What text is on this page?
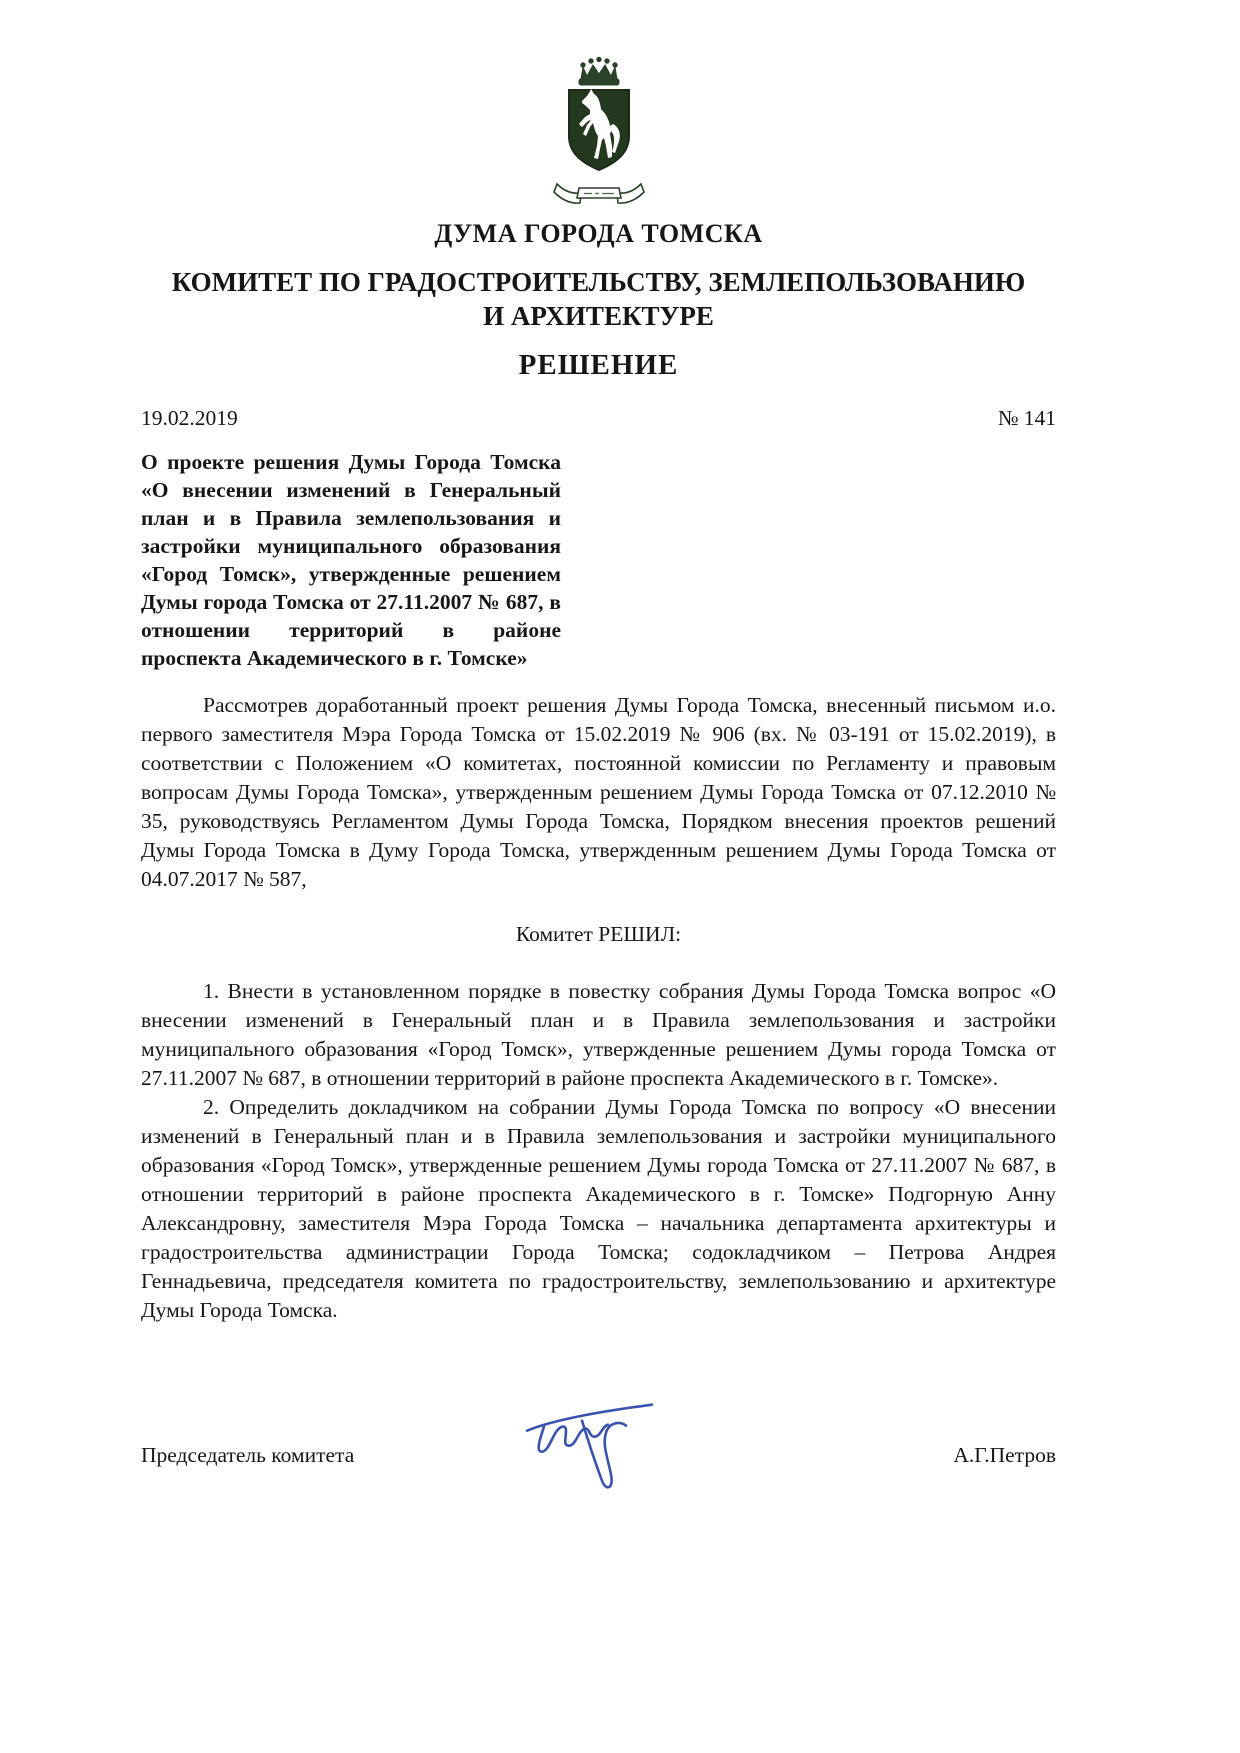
ДУМА ГОРОДА ТОМСКА
КОМИТЕТ ПО ГРАДОСТРОИТЕЛЬСТВУ, ЗЕМЛЕПОЛЬЗОВАНИЮ
И АРХИТЕКТУРЕ
РЕШЕНИЕ
19.02.2019	№ 141
О проекте решения Думы Города Томска «О внесении изменений в Генеральный план и в Правила землепользования и застройки муниципального образования «Город Томск», утвержденные решением Думы города Томска от 27.11.2007 № 687, в отношении территорий в районе проспекта Академического в г. Томске»

Рассмотрев доработанный проект решения Думы Города Томска, внесенный письмом и.о. первого заместителя Мэра Города Томска от 15.02.2019 № 906 (вх. № 03-191 от 15.02.2019), в соответствии с Положением «О комитетах, постоянной комиссии по Регламенту и правовым вопросам Думы Города Томска», утвержденным решением Думы Города Томска от 07.12.2010 № 35, руководствуясь Регламентом Думы Города Томска, Порядком внесения проектов решений Думы Города Томска в Думу Города Томска, утвержденным решением Думы Города Томска от 04.07.2017 № 587,

Комитет РЕШИЛ:

1. Внести в установленном порядке в повестку собрания Думы Города Томска вопрос «О внесении изменений в Генеральный план и в Правила землепользования и застройки муниципального образования «Город Томск», утвержденные решением Думы города Томска от 27.11.2007 № 687, в отношении территорий в районе проспекта Академического в г. Томске».

2. Определить докладчиком на собрании Думы Города Томска по вопросу «О внесении изменений в Генеральный план и в Правила землепользования и застройки муниципального образования «Город Томск», утвержденные решением Думы города Томска от 27.11.2007 № 687, в отношении территорий в районе проспекта Академического в г. Томске» Подгорную Анну Александровну, заместителя Мэра Города Томска – начальника департамента архитектуры и градостроительства администрации Города Томска; содокладчиком – Петрова Андрея Геннадьевича, председателя комитета по градостроительству, землепользованию и архитектуре Думы Города Томска.

Председатель комитета	А.Г.Петров
